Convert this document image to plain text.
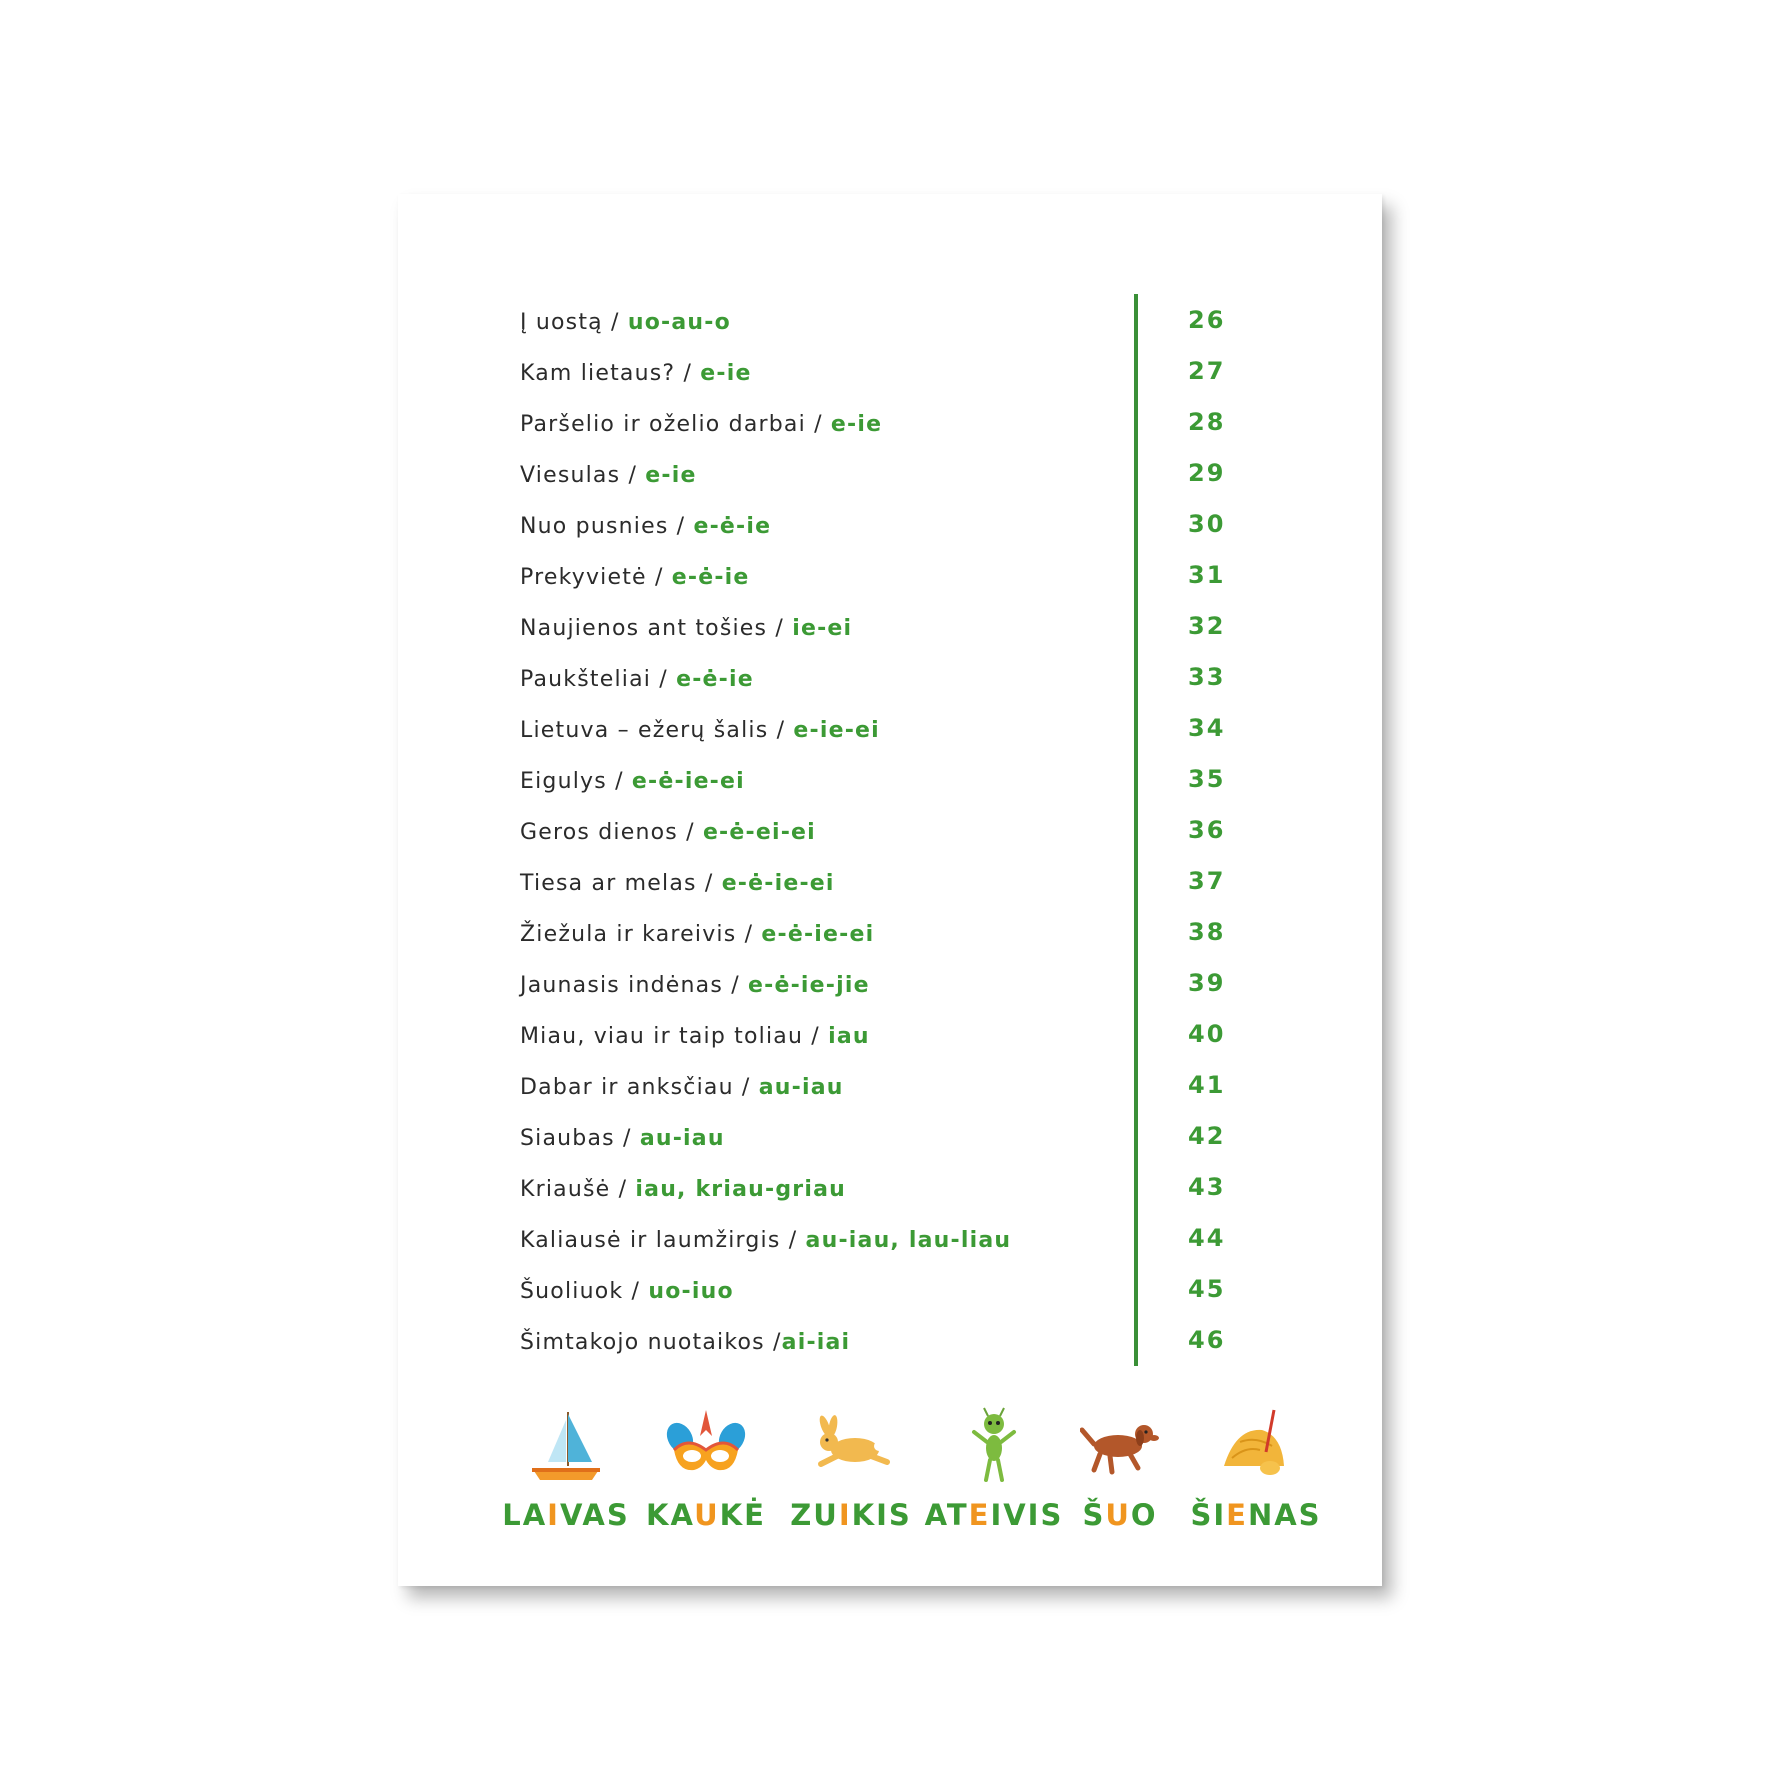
Į uostą / uo-au-o	26
Kam lietaus? / e-ie	27
Paršelio ir oželio darbai / e-ie	28
Viesulas / e-ie	29
Nuo pusnies / e-ė-ie	30
Prekyvietė / e-ė-ie	31
Naujienos ant tošies / ie-ei	32
Paukšteliai / e-ė-ie	33
Lietuva – ežerų šalis / e-ie-ei	34
Eigulys / e-ė-ie-ei	35
Geros dienos / e-ė-ei-ei	36
Tiesa ar melas / e-ė-ie-ei	37
Žiežula ir kareivis / e-ė-ie-ei	38
Jaunasis indėnas / e-ė-ie-jie	39
Miau, viau ir taip toliau / iau	40
Dabar ir anksčiau / au-iau	41
Siaubas / au-iau	42
Kriaušė / iau, kriau-griau	43
Kaliausė ir laumžirgis / au-iau, lau-liau	44
Šuoliuok / uo-iuo	45
Šimtakojo nuotaikos /ai-iai	46
LAIVAS KAUKĖ ZUIKIS ATEIVIS ŠUO	ŠIENAS
